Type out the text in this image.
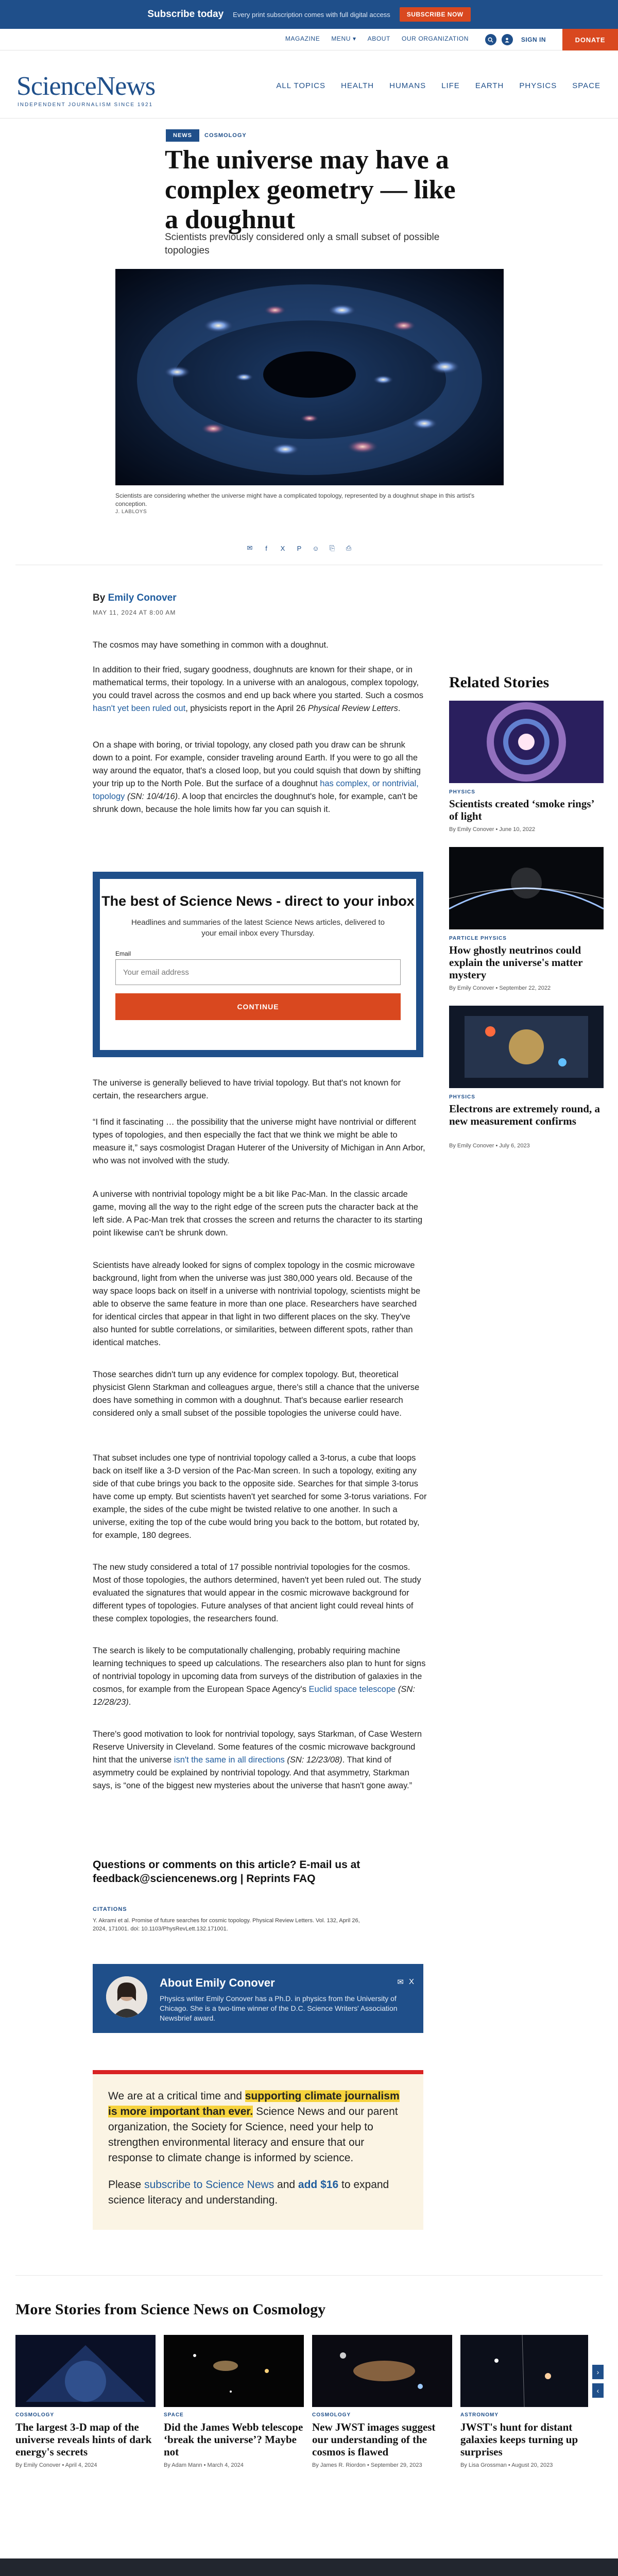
Subscribe today Every print subscription comes with full digital access	SUBSCRIBE NOW
MAGAZINE MENU ▾ ABOUT OUR ORGANIZATION	SIGN IN	DONATE
ScienceNews
INDEPENDENT JOURNALISM SINCE 1921
ALL TOPICS HEALTH HUMANS LIFE EARTH PHYSICS SPACE
NEWS	COSMOLOGY
The universe may have a complex geometry — like a doughnut

Scientists previously considered only a small subset of possible topologies

Scientists are considering whether the universe might have a complicated topology, represented by a doughnut shape in this artist's conception.

J. LABLOYS

✉	f	X	P	☺	⎘	⎙
By Emily Conover
MAY 11, 2024 AT 8:00 AM

The cosmos may have something in common with a doughnut.

In addition to their fried, sugary goodness, doughnuts are known for their shape, or in mathematical terms, their topology. In a universe with an analogous, complex topology, you could travel across the cosmos and end up back where you started. Such a cosmos hasn't yet been ruled out, physicists report in the April 26 Physical Review Letters.

On a shape with boring, or trivial topology, any closed path you draw can be shrunk down to a point. For example, consider traveling around Earth. If you were to go all the way around the equator, that's a closed loop, but you could squish that down by shifting your trip up to the North Pole. But the surface of a doughnut has complex, or nontrivial, topology (SN: 10/4/16). A loop that encircles the doughnut's hole, for example, can't be shrunk down, because the hole limits how far you can squish it.

The best of Science News - direct to your inbox

Headlines and summaries of the latest Science News articles, delivered to your email inbox every Thursday.

Email
Your email address
CONTINUE

The universe is generally believed to have trivial topology. But that's not known for certain, the researchers argue.

“I find it fascinating … the possibility that the universe might have nontrivial or different types of topologies, and then especially the fact that we think we might be able to measure it,” says cosmologist Dragan Huterer of the University of Michigan in Ann Arbor, who was not involved with the study.

A universe with nontrivial topology might be a bit like Pac-Man. In the classic arcade game, moving all the way to the right edge of the screen puts the character back at the left side. A Pac-Man trek that crosses the screen and returns the character to its starting point likewise can't be shrunk down.

Scientists have already looked for signs of complex topology in the cosmic microwave background, light from when the universe was just 380,000 years old. Because of the way space loops back on itself in a universe with nontrivial topology, scientists might be able to observe the same feature in more than one place. Researchers have searched for identical circles that appear in that light in two different places on the sky. They've also hunted for subtle correlations, or similarities, between different spots, rather than identical matches.

Those searches didn't turn up any evidence for complex topology. But, theoretical physicist Glenn Starkman and colleagues argue, there's still a chance that the universe does have something in common with a doughnut. That's because earlier research considered only a small subset of the possible topologies the universe could have.

That subset includes one type of nontrivial topology called a 3-torus, a cube that loops back on itself like a 3-D version of the Pac-Man screen. In such a topology, exiting any side of that cube brings you back to the opposite side. Searches for that simple 3-torus have come up empty. But scientists haven't yet searched for some 3-torus variations. For example, the sides of the cube might be twisted relative to one another. In such a universe, exiting the top of the cube would bring you back to the bottom, but rotated by, for example, 180 degrees.

The new study considered a total of 17 possible nontrivial topologies for the cosmos. Most of those topologies, the authors determined, haven't yet been ruled out. The study evaluated the signatures that would appear in the cosmic microwave background for different types of topologies. Future analyses of that ancient light could reveal hints of these complex topologies, the researchers found.

The search is likely to be computationally challenging, probably requiring machine learning techniques to speed up calculations. The researchers also plan to hunt for signs of nontrivial topology in upcoming data from surveys of the distribution of galaxies in the cosmos, for example from the European Space Agency's Euclid space telescope (SN: 12/28/23).

There's good motivation to look for nontrivial topology, says Starkman, of Case Western Reserve University in Cleveland. Some features of the cosmic microwave background hint that the universe isn't the same in all directions (SN: 12/23/08). That kind of asymmetry could be explained by nontrivial topology. And that asymmetry, Starkman says, is “one of the biggest new mysteries about the universe that hasn't gone away.”

Questions or comments on this article? E-mail us at feedback@sciencenews.org | Reprints FAQ

CITATIONS

Y. Akrami et al. Promise of future searches for cosmic topology. Physical Review Letters. Vol. 132, April 26, 2024, 171001. doi: 10.1103/PhysRevLett.132.171001.

About Emily Conover

Physics writer Emily Conover has a Ph.D. in physics from the University of Chicago. She is a two-time winner of the D.C. Science Writers' Association Newsbrief award.

✉ X

We are at a critical time and supporting climate journalism is more important than ever. Science News and our parent organization, the Society for Science, need your help to strengthen environmental literacy and ensure that our response to climate change is informed by science.

Please subscribe to Science News and add $16 to expand science literacy and understanding.

Related Stories
PHYSICS
Scientists created ‘smoke rings’ of light
By Emily Conover • June 10, 2022
PARTICLE PHYSICS
How ghostly neutrinos could explain the universe's matter mystery
By Emily Conover • September 22, 2022
PHYSICS
Electrons are extremely round, a new measurement confirms
By Emily Conover • July 6, 2023
More Stories from Science News on Cosmology
COSMOLOGY
The largest 3-D map of the universe reveals hints of dark energy's secrets
By Emily Conover • April 4, 2024
SPACE
Did the James Webb telescope ‘break the universe’? Maybe not
By Adam Mann • March 4, 2024
COSMOLOGY
New JWST images suggest our understanding of the cosmos is flawed
By James R. Riordon • September 29, 2023
ASTRONOMY
JWST's hunt for distant galaxies keeps turning up surprises
By Lisa Grossman • August 20, 2023
›
‹
